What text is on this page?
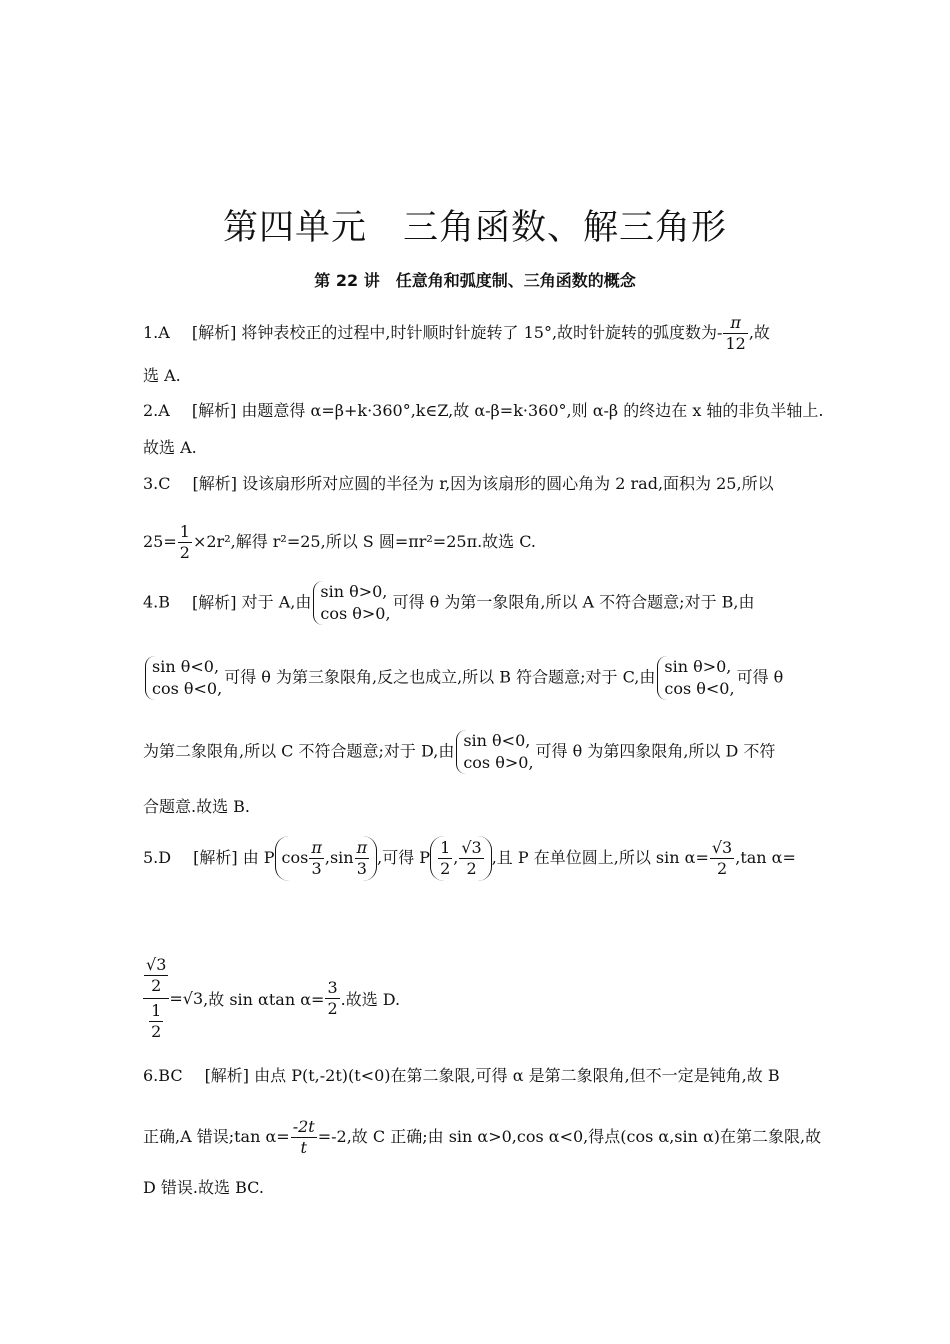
第四单元　三角函数、解三角形
第 22 讲　任意角和弧度制、三角函数的概念
1.A [解析] 将钟表校正的过程中,时针顺时针旋转了 15°,故时针旋转的弧度数为- $\frac{\pi}{12}$ ,故
选 A.
2.A [解析] 由题意得 α=β+k·360°,k∈Z,故 α-β=k·360°,则 α-β 的终边在 x 轴的非负半轴上.
故选 A.
3.C [解析] 设该扇形所对应圆的半径为 r,因为该扇形的圆心角为 2 rad,面积为 25,所以
$25= \frac{1}{2} \times 2r^2$,解得 r²=25,所以 S 圆=πr²=25π.故选 C.
4.B [解析] 对于 A,由
sin θ>0,
cos θ>0,
可得 θ 为第一象限角,所以 A 不符合题意;对于 B,由
sin θ<0,
cos θ<0,
可得 θ 为第三象限角,反之也成立,所以 B 符合题意;对于 C,由
sin θ>0,
cos θ<0,
可得 θ
为第二象限角,所以 C 不符合题意;对于 D,由
sin θ<0,
cos θ>0,
可得 θ 为第四象限角,所以 D 不符
合题意.故选 B.
5.D [解析] 由 P $\cos \frac{\pi}{3} ,\sin \frac{\pi}{3}$ ,可得 P $\frac{1}{2}$ , $\frac{√3}{2}$ ,且 P 在单位圆上,所以 $\sin \alpha= \frac{√3}{2} ,\tan$ α=
$\frac{\frac{√3}{2}}{\frac{1}{2}} =√3$ ,故 sin αtan $\alpha= \frac{3}{2}$ .故选 D.
6.BC [解析] 由点 P(t,-2t)(t<0)在第二象限,可得 α 是第二象限角,但不一定是钝角,故 B
正确,A 错误;tan $\alpha= \frac{-2t}{t} =-2$,故 C 正确;由 sin α>0,cos α<0,得点(cos α,sin α)在第二象限,故
D 错误.故选 BC.
